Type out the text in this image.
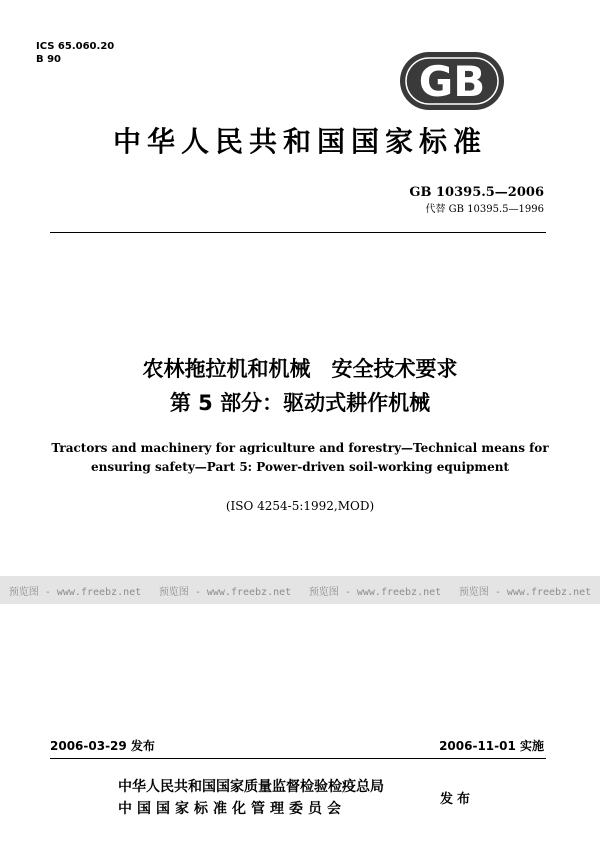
ICS 65.060.20
B 90	GB
中华人民共和国国家标准
GB 10395.5—2006
代替 GB 10395.5—1996
农林拖拉机和机械　安全技术要求
第 5 部分：驱动式耕作机械
Tractors and machinery for agriculture and forestry—Technical means for
ensuring safety—Part 5: Power-driven soil-working equipment
(ISO 4254-5:1992,MOD)
预览图 - www.freebz.net 预览图 - www.freebz.net 预览图 - www.freebz.net 预览图 - www.freebz.net
2006-03-29 发布	2006-11-01 实施
中华人民共和国国家质量监督检验检疫总局
中国国家标准化管理委员会
发布
